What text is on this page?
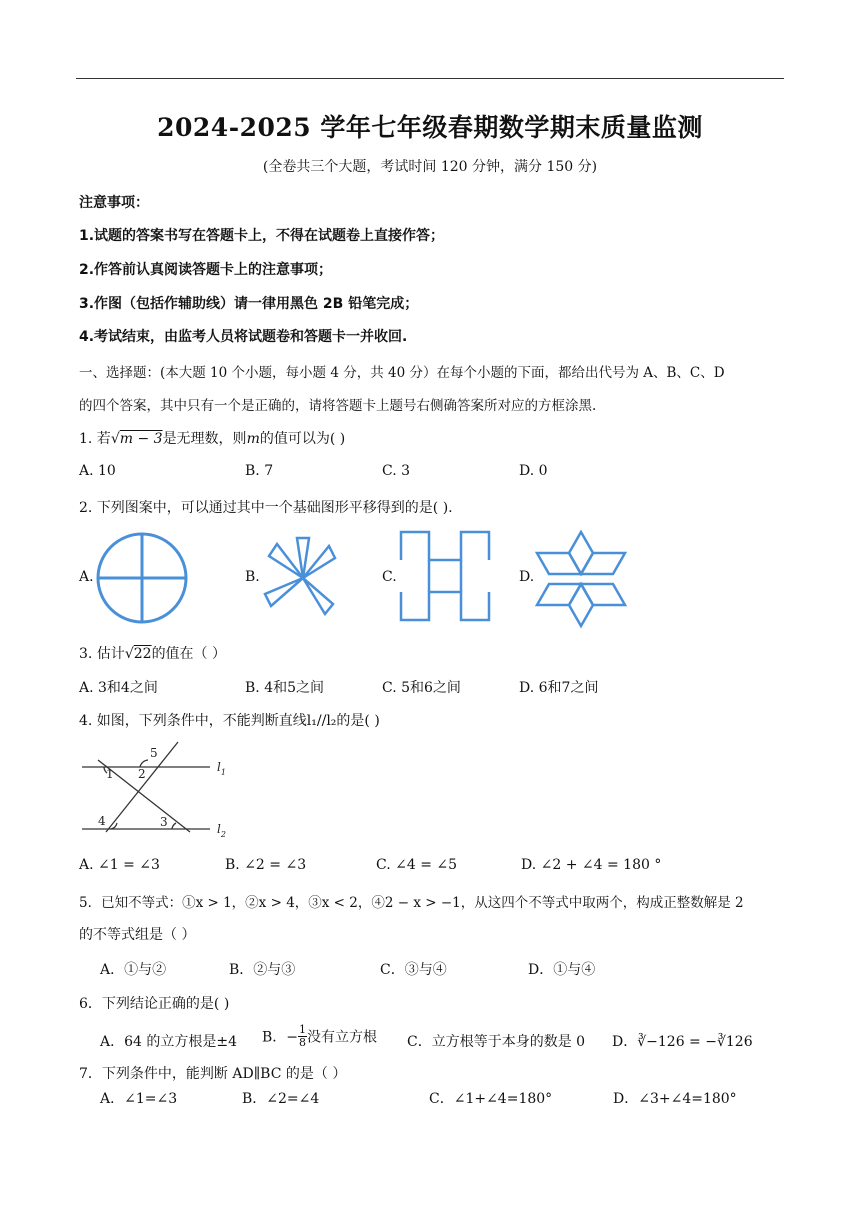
2024-2025 学年七年级春期数学期末质量监测
(全卷共三个大题，考试时间 120 分钟，满分 150 分)
注意事项：
1.试题的答案书写在答题卡上，不得在试题卷上直接作答；
2.作答前认真阅读答题卡上的注意事项；
3.作图（包括作辅助线）请一律用黑色 2B 铅笔完成；
4.考试结束，由监考人员将试题卷和答题卡一并收回.
一、选择题：(本大题 10 个小题，每小题 4 分，共 40 分）在每个小题的下面，都给出代号为 A、B、C、D
的四个答案，其中只有一个是正确的，请将答题卡上题号右侧确答案所对应的方框涂黑.
1. 若√m − 3是无理数，则m的值可以为( )
A. 10	B. 7	C. 3	D. 0
2. 下列图案中，可以通过其中一个基础图形平移得到的是( ).
A.	B.	C.	D.
3. 估计√22的值在（ ）
A. 3和4之间	B. 4和5之间	C. 5和6之间	D. 6和7之间
4. 如图，下列条件中，不能判断直线l₁//l₂的是( )
1 2
5
3
4
$l_1$
$l_2$
A. ∠1 = ∠3	B. ∠2 = ∠3	C. ∠4 = ∠5	D. ∠2 + ∠4 = 180 °
5．已知不等式：①x > 1，②x > 4，③x < 2，④2 − x > −1，从这四个不等式中取两个，构成正整数解是 2
的不等式组是（ ）
A．①与②	B．②与③	C．③与④	D．①与④
6．下列结论正确的是( )
A．64 的立方根是±4 B．− $\frac{1}{8}$ 没有立方根 C．立方根等于本身的数是 0 D．∛−126 = −∛126
7．下列条件中，能判断 AD∥BC 的是（ ）
A．∠1=∠3	B．∠2=∠4	C．∠1+∠4=180°	D．∠3+∠4=180°
